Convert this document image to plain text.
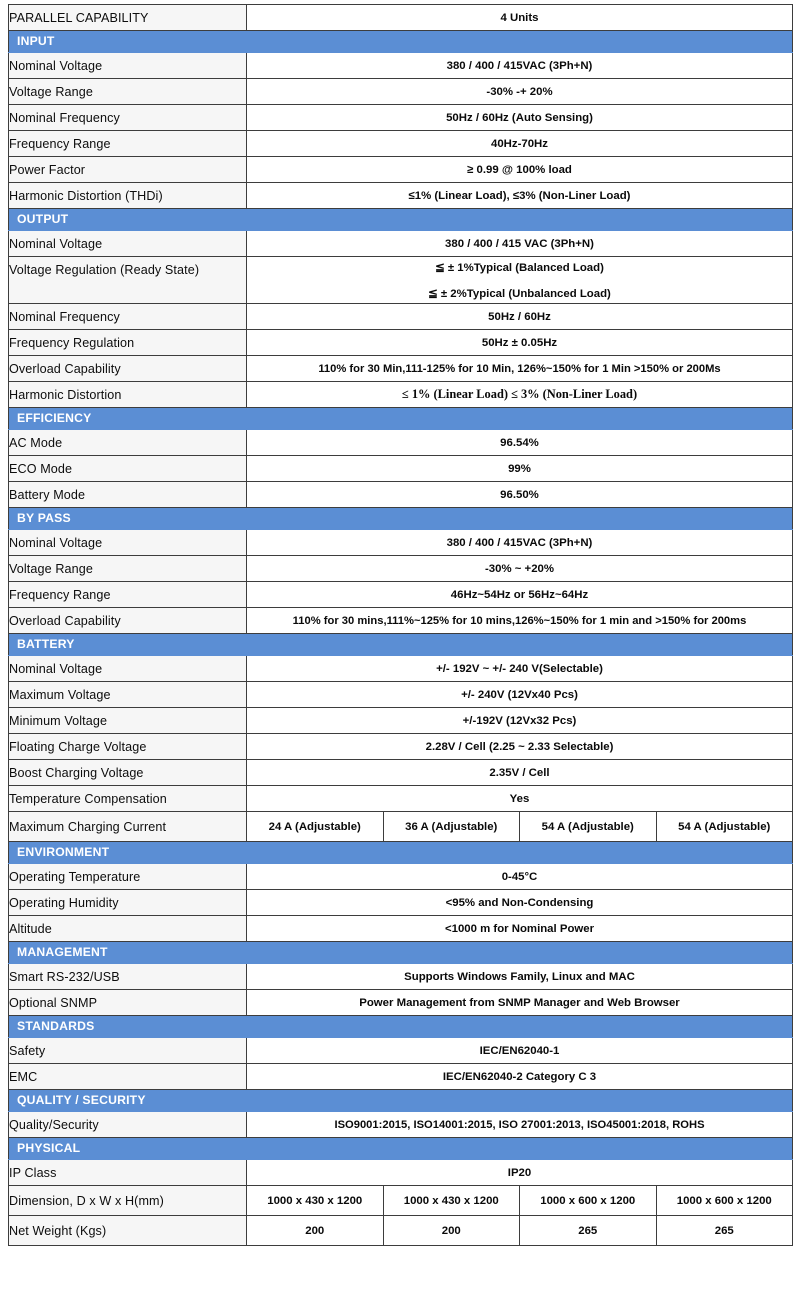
PARALLEL CAPABILITY	4 Units			
INPUT				
Nominal Voltage	380 / 400 / 415VAC (3Ph+N)			
Voltage Range	-30% -+ 20%			
Nominal Frequency	50Hz / 60Hz (Auto Sensing)			
Frequency Range	40Hz-70Hz			
Power Factor	≥ 0.99 @ 100% load			
Harmonic Distortion (THDi)	≤1% (Linear Load), ≤3% (Non-Liner Load)			
OUTPUT				
Nominal Voltage	380 / 400 / 415 VAC (3Ph+N)			
Voltage Regulation (Ready State)	≦ ± 1%Typical (Balanced Load)
≦ ± 2%Typical (Unbalanced Load)			

Nominal Frequency	50Hz / 60Hz			
Frequency Regulation	50Hz ± 0.05Hz			
Overload Capability	110% for 30 Min,111-125% for 10 Min, 126%~150% for 1 Min >150% or 200Ms			
Harmonic Distortion	≤ 1% (Linear Load) ≤ 3% (Non-Liner Load)			
EFFICIENCY				
AC Mode	96.54%			
ECO Mode	99%			
Battery Mode	96.50%			
BY PASS				
Nominal Voltage	380 / 400 / 415VAC (3Ph+N)			
Voltage Range	-30% ~ +20%			
Frequency Range	46Hz~54Hz or 56Hz~64Hz			
Overload Capability	110% for 30 mins,111%~125% for 10 mins,126%~150% for 1 min and >150% for 200ms			
BATTERY				
Nominal Voltage	+/- 192V ~ +/- 240 V(Selectable)			
Maximum Voltage	+/- 240V (12Vx40 Pcs)			
Minimum Voltage	+/-192V (12Vx32 Pcs)			
Floating Charge Voltage	2.28V / Cell (2.25 ~ 2.33 Selectable)			
Boost Charging Voltage	2.35V / Cell			
Temperature Compensation	Yes			
Maximum Charging Current	24 A (Adjustable)	36 A (Adjustable)	54 A (Adjustable)	54 A (Adjustable)
ENVIRONMENT				
Operating Temperature	0-45°C			
Operating Humidity	<95% and Non-Condensing			
Altitude	<1000 m for Nominal Power			
MANAGEMENT				
Smart RS-232/USB	Supports Windows Family, Linux and MAC			
Optional SNMP	Power Management from SNMP Manager and Web Browser			
STANDARDS				
Safety	IEC/EN62040-1			
EMC	IEC/EN62040-2 Category C 3			
QUALITY / SECURITY				
Quality/Security	ISO9001:2015, ISO14001:2015, ISO 27001:2013, ISO45001:2018, ROHS			
PHYSICAL				
IP Class	IP20			
Dimension, D x W x H(mm)	1000 x 430 x 1200	1000 x 430 x 1200	1000 x 600 x 1200	1000 x 600 x 1200
Net Weight (Kgs)	200	200	265	265
